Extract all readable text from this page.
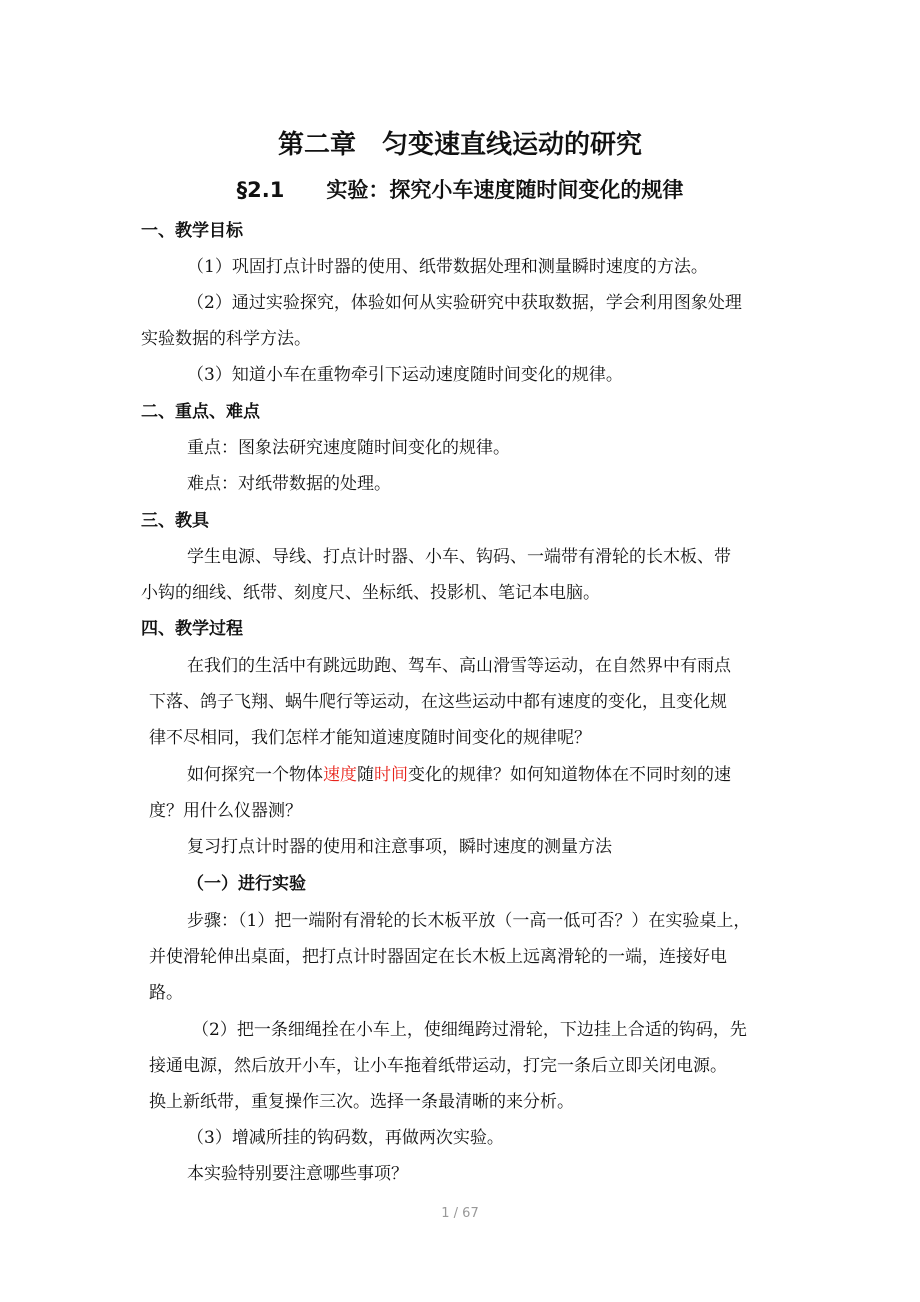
第二章　匀变速直线运动的研究
§2.1　　实验：探究小车速度随时间变化的规律
一、教学目标
（1）巩固打点计时器的使用、纸带数据处理和测量瞬时速度的方法。
（2）通过实验探究，体验如何从实验研究中获取数据，学会利用图象处理
实验数据的科学方法。
（3）知道小车在重物牵引下运动速度随时间变化的规律。
二、重点、难点
重点：图象法研究速度随时间变化的规律。
难点：对纸带数据的处理。
三、教具
学生电源、导线、打点计时器、小车、钩码、一端带有滑轮的长木板、带
小钩的细线、纸带、刻度尺、坐标纸、投影机、笔记本电脑。
四、教学过程
在我们的生活中有跳远助跑、驾车、高山滑雪等运动，在自然界中有雨点
下落、鸽子飞翔、蜗牛爬行等运动，在这些运动中都有速度的变化，且变化规
律不尽相同，我们怎样才能知道速度随时间变化的规律呢？
如何探究一个物体速度随时间变化的规律？如何知道物体在不同时刻的速
度？用什么仪器测？
复习打点计时器的使用和注意事项，瞬时速度的测量方法
（一）进行实验
步骤：（1）把一端附有滑轮的长木板平放（一高一低可否？）在实验桌上，
并使滑轮伸出桌面，把打点计时器固定在长木板上远离滑轮的一端，连接好电
路。
（2）把一条细绳拴在小车上，使细绳跨过滑轮，下边挂上合适的钩码，先
接通电源，然后放开小车，让小车拖着纸带运动，打完一条后立即关闭电源。
换上新纸带，重复操作三次。选择一条最清晰的来分析。
（3）增减所挂的钩码数，再做两次实验。
本实验特别要注意哪些事项？
1 / 67
